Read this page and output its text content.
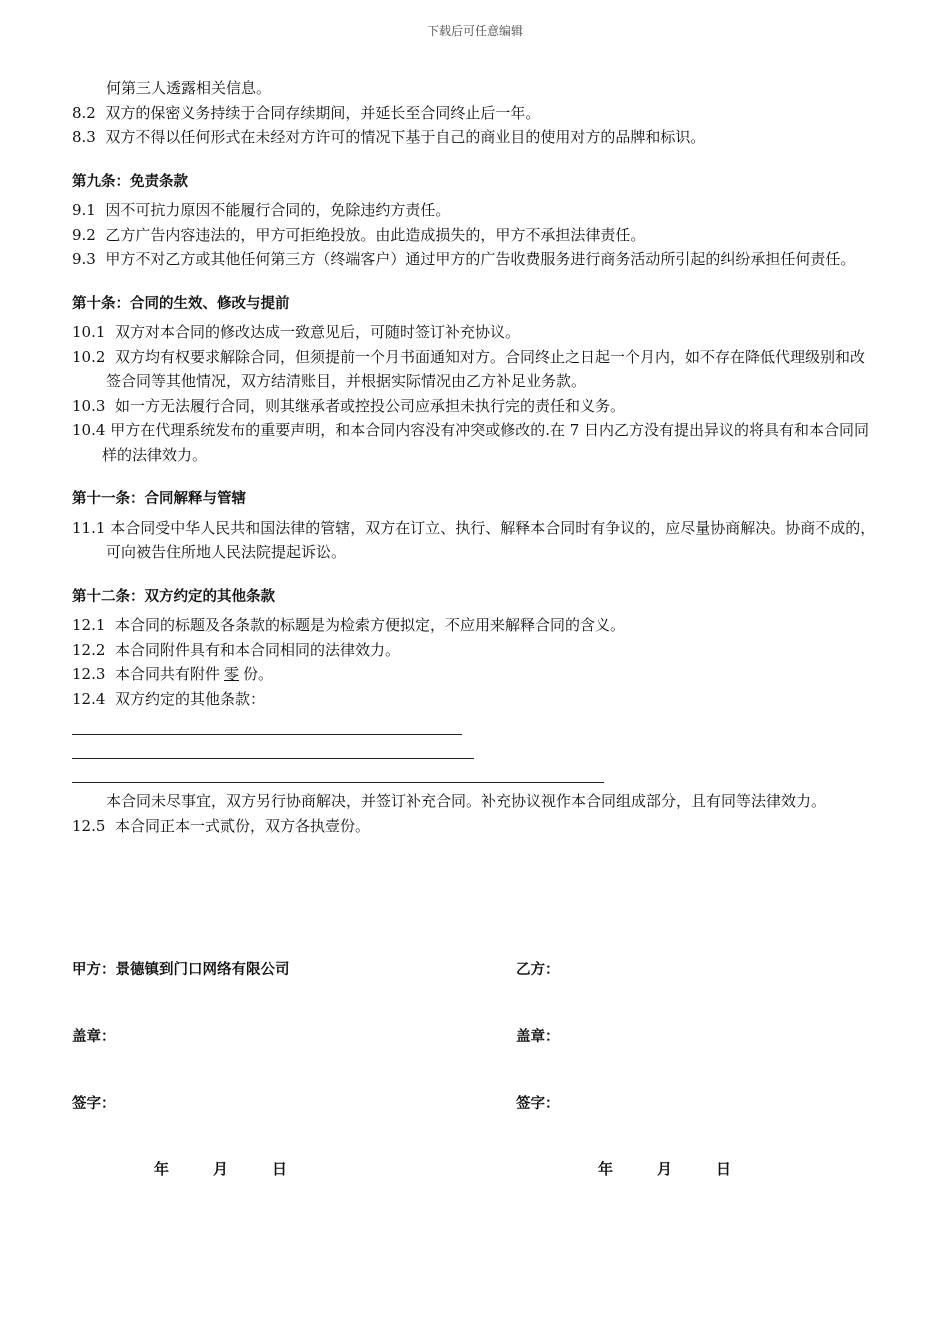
下载后可任意编辑

何第三人透露相关信息。

8.2 双方的保密义务持续于合同存续期间，并延长至合同终止后一年。

8.3 双方不得以任何形式在未经对方许可的情况下基于自己的商业目的使用对方的品牌和标识。

第九条：免责条款

9.1 因不可抗力原因不能履行合同的，免除违约方责任。

9.2 乙方广告内容违法的，甲方可拒绝投放。由此造成损失的，甲方不承担法律责任。

9.3 甲方不对乙方或其他任何第三方（终端客户）通过甲方的广告收费服务进行商务活动所引起的纠纷承担任何责任。

第十条：合同的生效、修改与提前

10.1 双方对本合同的修改达成一致意见后，可随时签订补充协议。

10.2 双方均有权要求解除合同，但须提前一个月书面通知对方。合同终止之日起一个月内，如不存在降低代理级别和改签合同等其他情况，双方结清账目，并根据实际情况由乙方补足业务款。

10.3 如一方无法履行合同，则其继承者或控投公司应承担未执行完的责任和义务。

10.4 甲方在代理系统发布的重要声明，和本合同内容没有冲突或修改的.在 7 日内乙方没有提出异议的将具有和本合同同样的法律效力。

第十一条：合同解释与管辖

11.1 本合同受中华人民共和国法律的管辖，双方在订立、执行、解释本合同时有争议的，应尽量协商解决。协商不成的，可向被告住所地人民法院提起诉讼。

第十二条：双方约定的其他条款

12.1 本合同的标题及各条款的标题是为检索方便拟定，不应用来解释合同的含义。

12.2 本合同附件具有和本合同相同的法律效力。

12.3 本合同共有附件 零 份。

12.4 双方约定的其他条款：

本合同未尽事宜，双方另行协商解决，并签订补充合同。补充协议视作本合同组成部分，且有同等法律效力。

12.5 本合同正本一式贰份，双方各执壹份。

甲方：景德镇到门口网络有限公司	乙方：
盖章：	盖章：
签字：	签字：
年	月	日	年	月	日
